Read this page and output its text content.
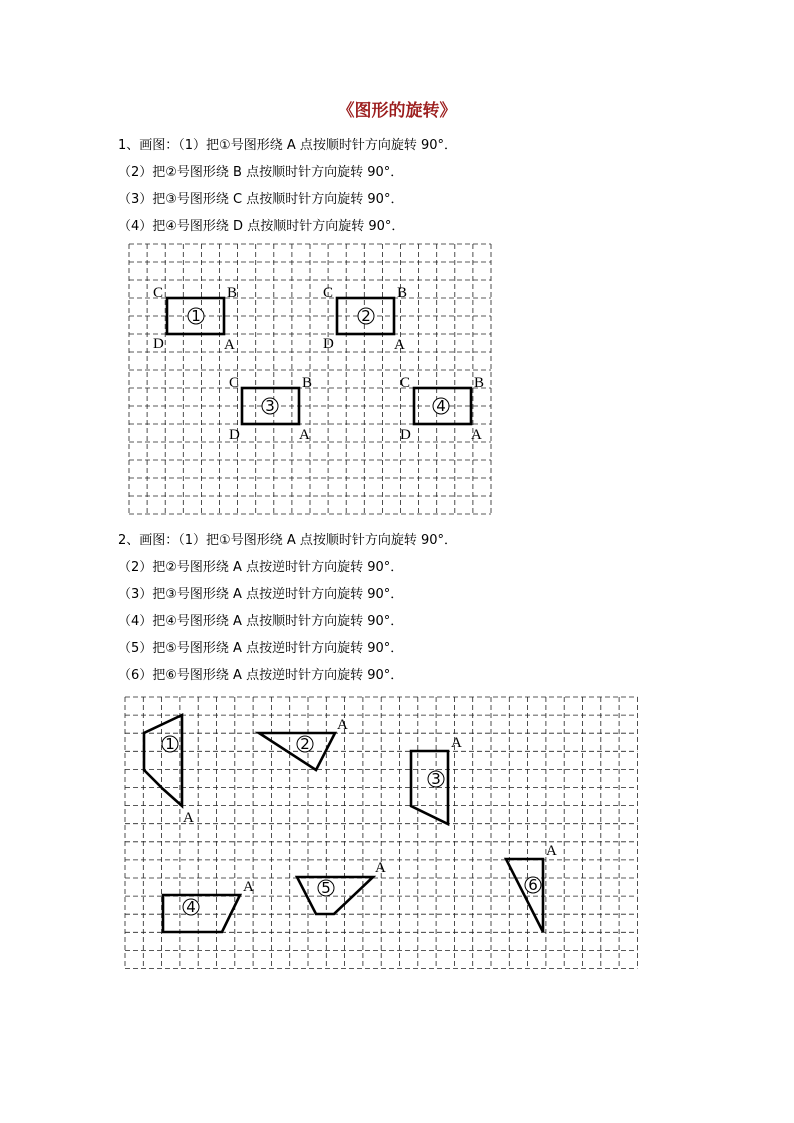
《图形的旋转》
1、画图：（1）把①号图形绕 A 点按顺时针方向旋转 90°．
（2）把②号图形绕 B 点按顺时针方向旋转 90°．
（3）把③号图形绕 C 点按顺时针方向旋转 90°．
（4）把④号图形绕 D 点按顺时针方向旋转 90°．
2、画图：（1）把①号图形绕 A 点按顺时针方向旋转 90°．
（2）把②号图形绕 A 点按逆时针方向旋转 90°．
（3）把③号图形绕 A 点按逆时针方向旋转 90°．
（4）把④号图形绕 A 点按顺时针方向旋转 90°．
（5）把⑤号图形绕 A 点按逆时针方向旋转 90°．
（6）把⑥号图形绕 A 点按逆时针方向旋转 90°．
1
C	B
D	A
2
C	B
D	A
3
C	B
D	A
4
C	B
D	A
1
A
2
A
3
A
4
A	5
A
6
A
